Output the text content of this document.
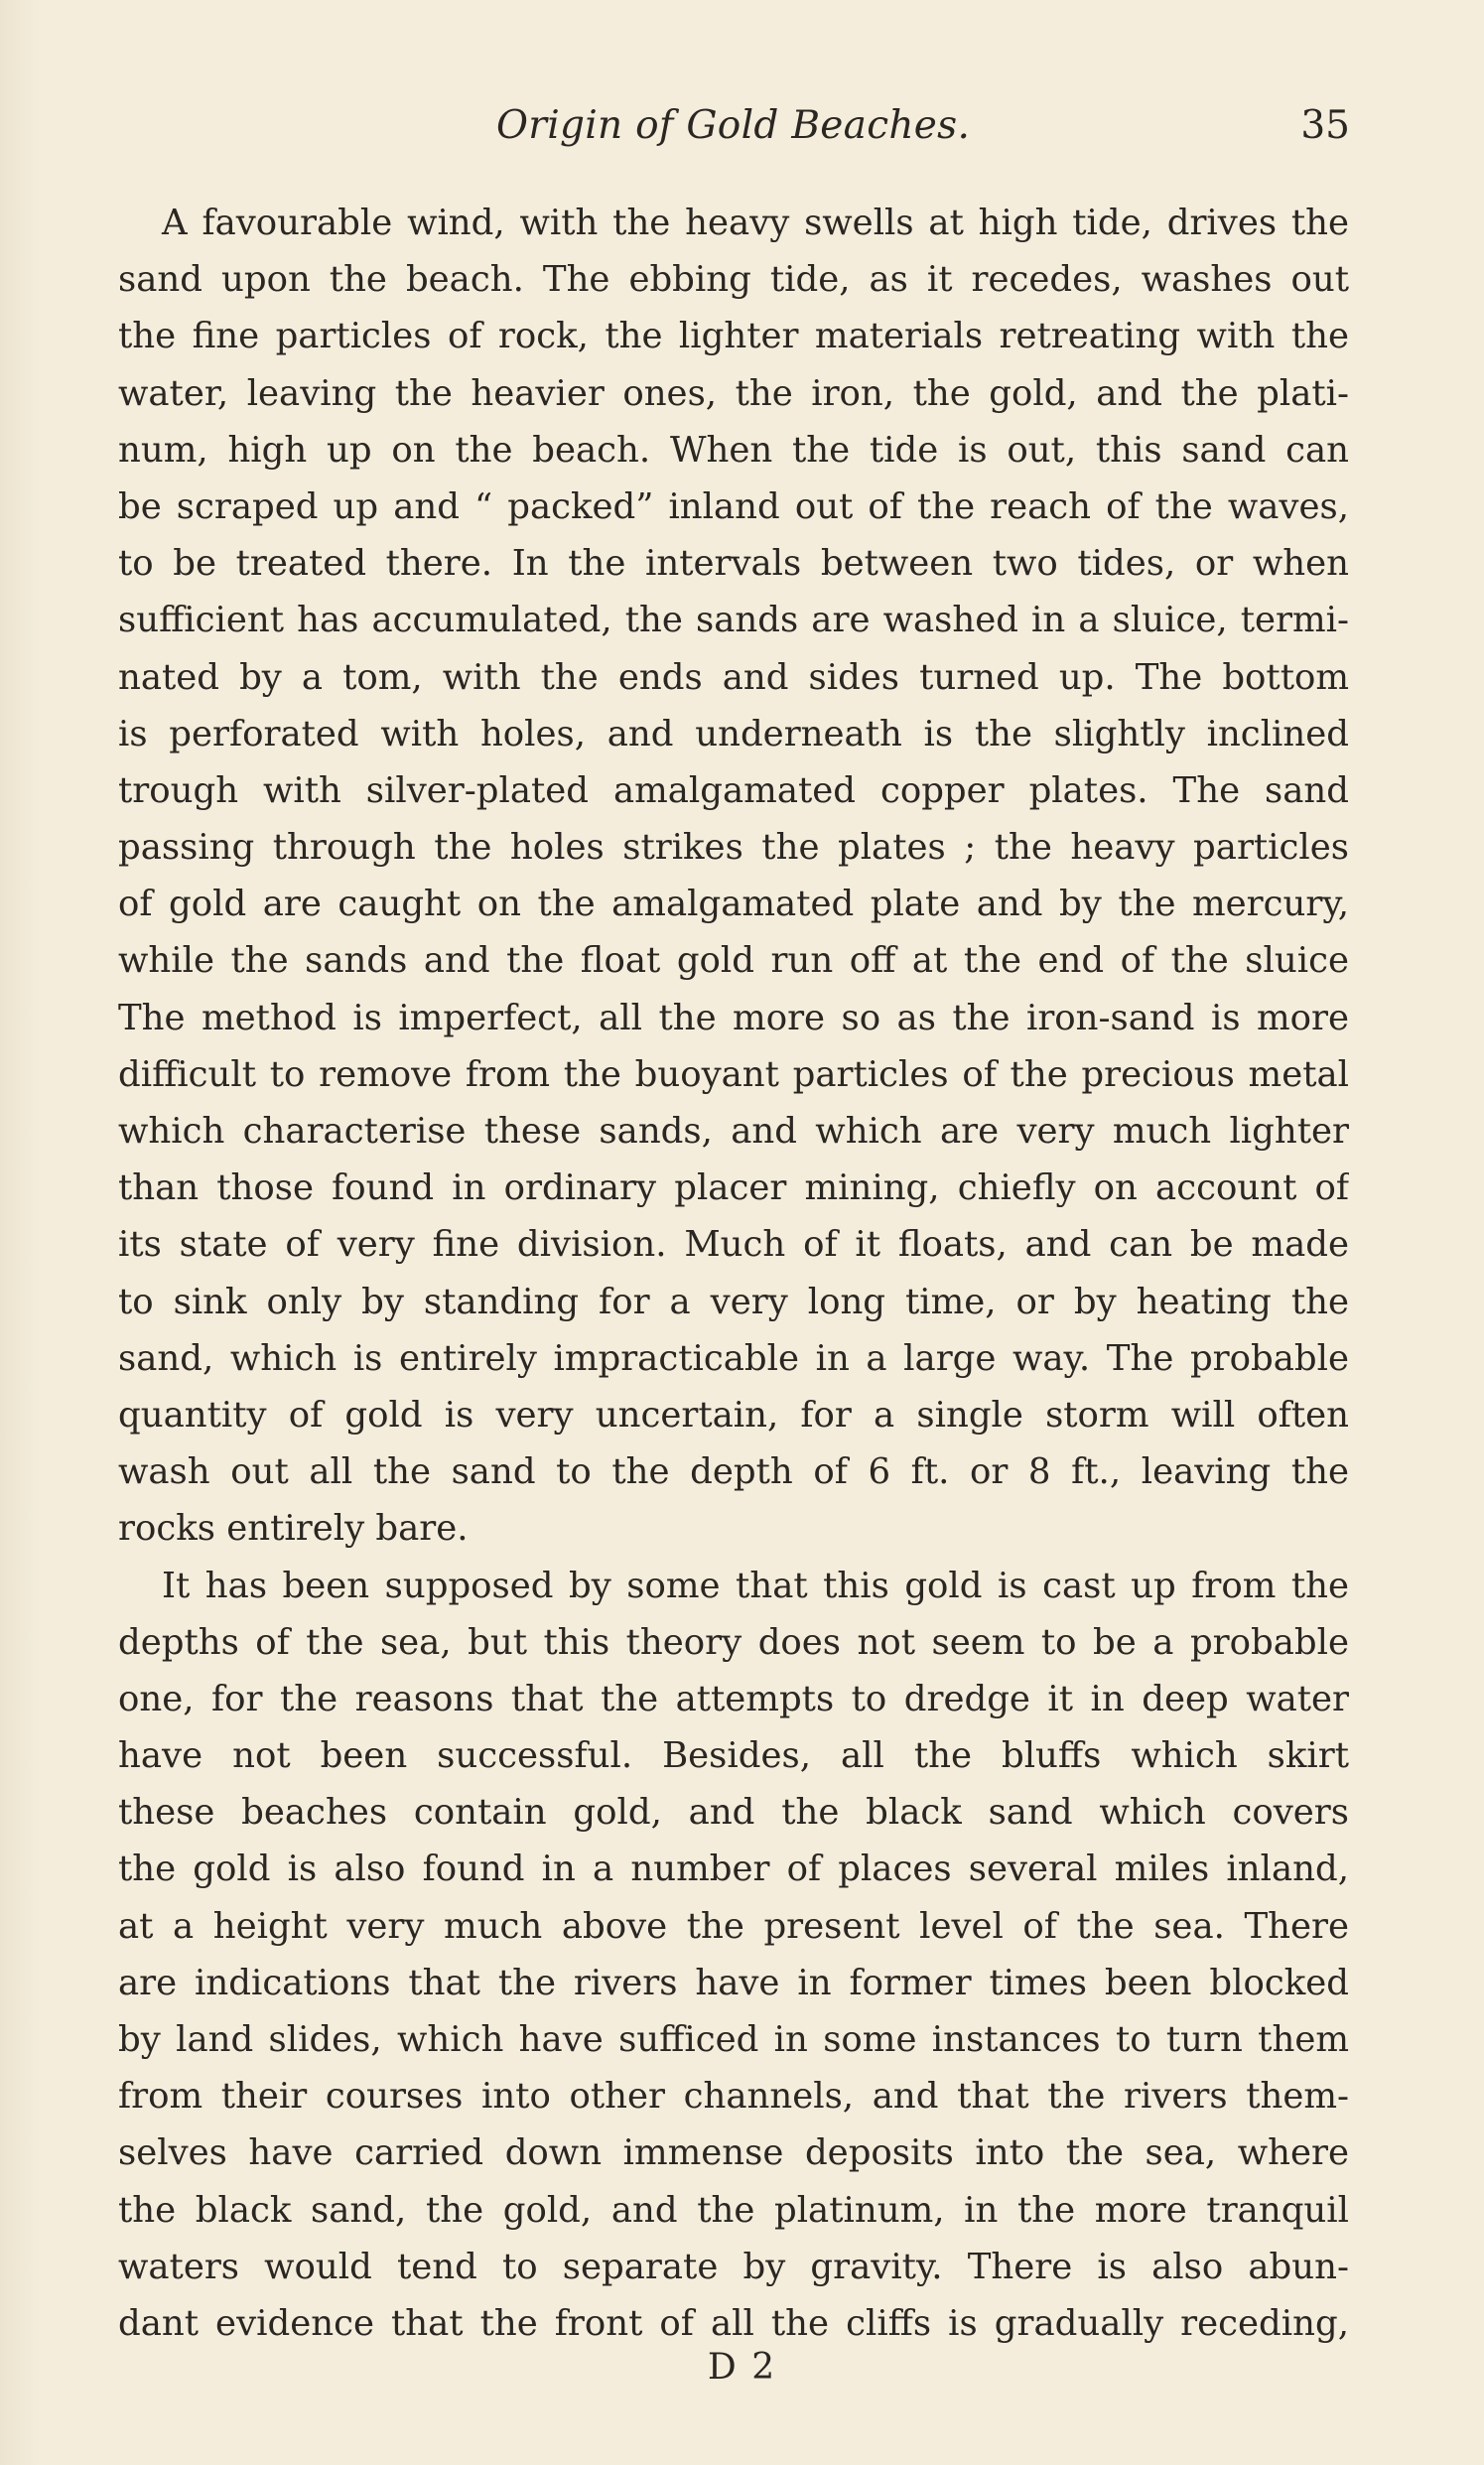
Origin of Gold Beaches.	35
A favourable wind, with the heavy swells at high tide, drives the
sand upon the beach. The ebbing tide, as it recedes, washes out
the fine particles of rock, the lighter materials retreating with the
water, leaving the heavier ones, the iron, the gold, and the plati-
num, high up on the beach. When the tide is out, this sand can
be scraped up and “ packed” inland out of the reach of the waves,
to be treated there. In the intervals between two tides, or when
sufficient has accumulated, the sands are washed in a sluice, termi-
nated by a tom, with the ends and sides turned up. The bottom
is perforated with holes, and underneath is the slightly inclined
trough with silver-plated amalgamated copper plates. The sand
passing through the holes strikes the plates ; the heavy particles
of gold are caught on the amalgamated plate and by the mercury,
while the sands and the float gold run off at the end of the sluice
The method is imperfect, all the more so as the iron-sand is more
difficult to remove from the buoyant particles of the precious metal
which characterise these sands, and which are very much lighter
than those found in ordinary placer mining, chiefly on account of
its state of very fine division. Much of it floats, and can be made
to sink only by standing for a very long time, or by heating the
sand, which is entirely impracticable in a large way. The probable
quantity of gold is very uncertain, for a single storm will often
wash out all the sand to the depth of 6 ft. or 8 ft., leaving the
rocks entirely bare.
It has been supposed by some that this gold is cast up from the
depths of the sea, but this theory does not seem to be a probable
one, for the reasons that the attempts to dredge it in deep water
have not been successful. Besides, all the bluffs which skirt
these beaches contain gold, and the black sand which covers
the gold is also found in a number of places several miles inland,
at a height very much above the present level of the sea. There
are indications that the rivers have in former times been blocked
by land slides, which have sufficed in some instances to turn them
from their courses into other channels, and that the rivers them-
selves have carried down immense deposits into the sea, where
the black sand, the gold, and the platinum, in the more tranquil
waters would tend to separate by gravity. There is also abun-
dant evidence that the front of all the cliffs is gradually receding,
D 2
